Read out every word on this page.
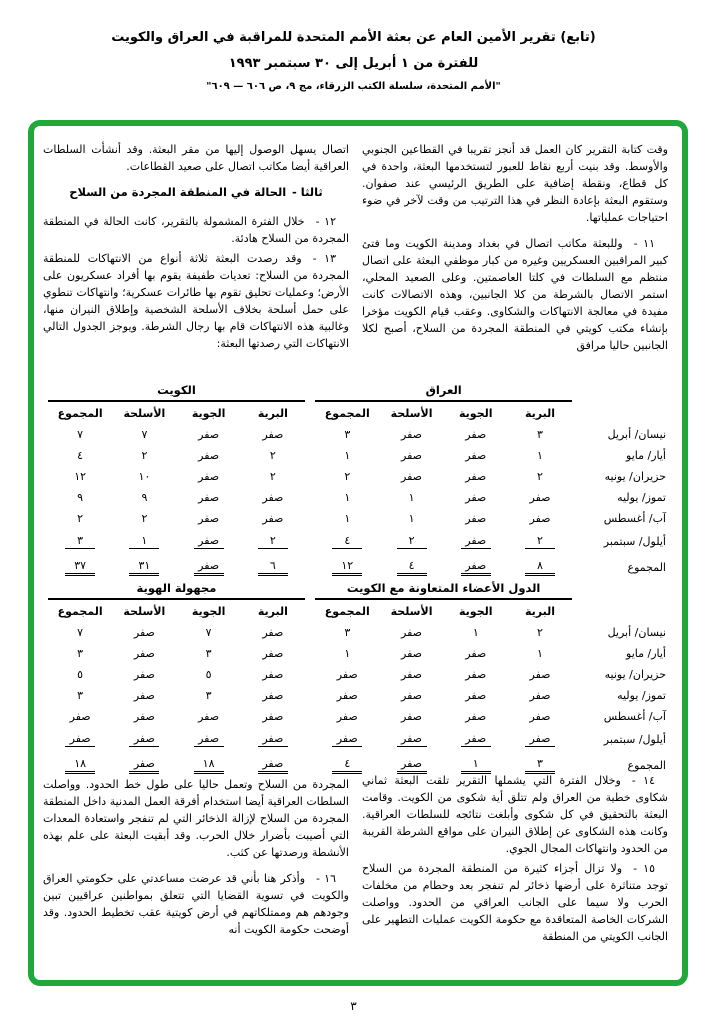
(تابع) تقرير الأمين العام عن بعثة الأمم المتحدة للمراقبة في العراق والكويت
للفترة من ١ أبريل إلى ٣٠ سبتمبر ١٩٩٣
"الأمم المتحدة، سلسلة الكتب الزرقاء، مج ٩، ص ٦٠٦ — ٦٠٩"

وقت كتابة التقرير كان العمل قد أنجز تقريبا في القطاعين الجنوبي والأوسط. وقد بنيت أربع نقاط للعبور لتستخدمها البعثة، واحدة في كل قطاع، ونقطة إضافية على الطريق الرئيسي عند صفوان. وستقوم البعثة بإعادة النظر في هذا الترتيب من وقت لآخر في ضوء احتياجات عملياتها.

١١ -  وللبعثة مكاتب اتصال في بغداد ومدينة الكويت وما فتئ كبير المراقبين العسكريين وغيره من كبار موظفي البعثة على اتصال منتظم مع السلطات في كلتا العاصمتين. وعلى الصعيد المحلي، استمر الاتصال بالشرطة من كلا الجانبين، وهذه الاتصالات كانت مفيدة في معالجة الانتهاكات والشكاوى. وعقب قيام الكويت مؤخرا بإنشاء مكتب كويتي في المنطقة المجردة من السلاح، أصبح لكلا الجانبين حاليا مرافق

اتصال يسهل الوصول إليها من مقر البعثة. وقد أنشأت السلطات العراقية أيضا مكاتب اتصال على صعيد القطاعات.

ثالثا - الحالة في المنطقة المجردة من السلاح

١٢ -  خلال الفترة المشمولة بالتقرير، كانت الحالة في المنطقة المجردة من السلاح هادئة.

١٣ -  وقد رصدت البعثة ثلاثة أنواع من الانتهاكات للمنطقة المجردة من السلاح: تعديات طفيفة يقوم بها أفراد عسكريون على الأرض؛ وعمليات تحليق تقوم بها طائرات عسكرية؛ وانتهاكات تنطوي على حمل أسلحة بخلاف الأسلحة الشخصية وإطلاق النيران منها، وغالبية هذه الانتهاكات قام بها رجال الشرطة. ويوجز الجدول التالي الانتهاكات التي رصدتها البعثة:

	العراق					الكويت			
	البرية	الجوية	الأسلحة	المجموع		البرية	الجوية	الأسلحة	المجموع
نيسان/ أبريل	٣	صفر	صفر	٣		صفر	صفر	٧	٧
أيار/ مايو	١	صفر	صفر	١		٢	صفر	٢	٤
حزيران/ يونيه	٢	صفر	صفر	٢		٢	صفر	١٠	١٢
تموز/ يوليه	صفر	صفر	١	١		صفر	صفر	٩	٩
آب/ أغسطس	صفر	صفر	١	١		صفر	صفر	٢	٢
أيلول/ سبتمبر	٢	صفر	٢	٤		٢	صفر	١	٣
المجموع	٨	صفر	٤	١٢		٦	صفر	٣١	٣٧
	الدول الأعضاء المتعاونة مع الكويت					مجهولة الهوية			
	البرية	الجوية	الأسلحة	المجموع		البرية	الجوية	الأسلحة	المجموع
نيسان/ أبريل	٢	١	صفر	٣		صفر	٧	صفر	٧
أيار/ مايو	١	صفر	صفر	١		صفر	٣	صفر	٣
حزيران/ يونيه	صفر	صفر	صفر	صفر		صفر	٥	صفر	٥
تموز/ يوليه	صفر	صفر	صفر	صفر		صفر	٣	صفر	٣
آب/ أغسطس	صفر	صفر	صفر	صفر		صفر	صفر	صفر	صفر
أيلول/ سبتمبر	صفر	صفر	صفر	صفر		صفر	صفر	صفر	صفر
المجموع	٣	١	صفر	٤		صفر	١٨	صفر	١٨

١٤ -  وخلال الفترة التي يشملها التقرير تلقت البعثة ثماني شكاوى خطية من العراق ولم تتلق أية شكوى من الكويت. وقامت البعثة بالتحقيق في كل شكوى وأبلغت نتائجه للسلطات العراقية. وكانت هذه الشكاوى عن إطلاق النيران على مواقع الشرطة القريبة من الحدود وانتهاكات المجال الجوي.

١٥ -  ولا تزال أجزاء كثيرة من المنطقة المجردة من السلاح توجد متناثرة على أرضها ذخائر لم تنفجر بعد وحطام من مخلفات الحرب ولا سيما على الجانب العراقي من الحدود. وواصلت الشركات الخاصة المتعاقدة مع حكومة الكويت عمليات التطهير على الجانب الكويتي من المنطقة

المجردة من السلاح وتعمل حاليا على طول خط الحدود. وواصلت السلطات العراقية أيضا استخدام أفرقة العمل المدنية داخل المنطقة المجردة من السلاح لإزالة الذخائر التي لم تنفجر واستعادة المعدات التي أصيبت بأضرار خلال الحرب. وقد أبقيت البعثة على علم بهذه الأنشطة ورصدتها عن كثب.

١٦ -  وأذكر هنا بأني قد عرضت مساعدتي على حكومتي العراق والكويت في تسوية القضايا التي تتعلق بمواطنين عراقيين تبين وجودهم هم وممتلكاتهم في أرض كويتية عقب تخطيط الحدود. وقد أوضحت حكومة الكويت أنه

٣
